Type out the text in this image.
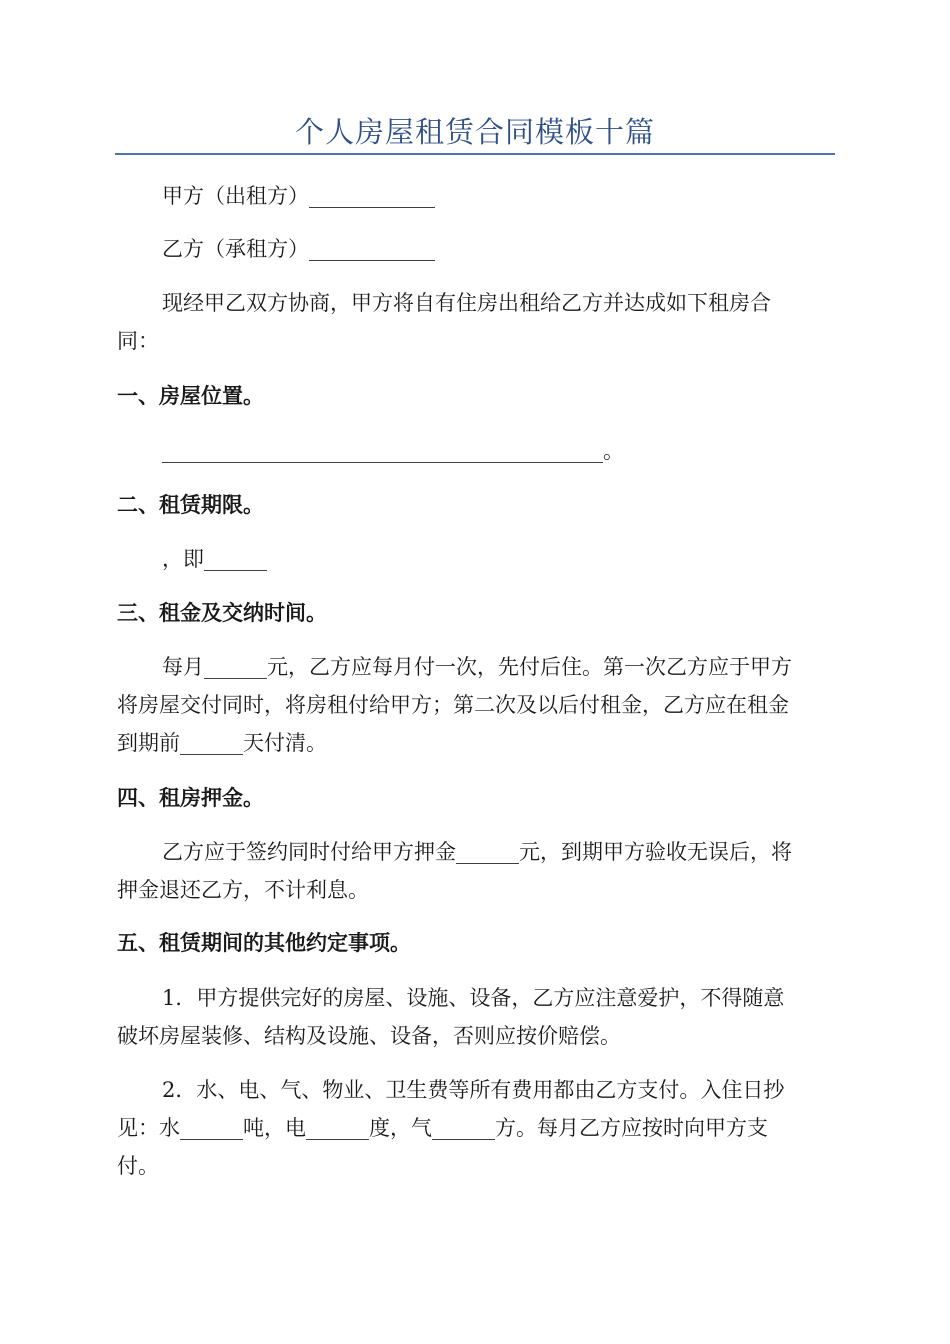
个人房屋租赁合同模板十篇
甲方（出租方）____________
乙方（承租方）____________
现经甲乙双方协商，甲方将自有住房出租给乙方并达成如下租房合
同：
一、房屋位置。
__________________________________________。
二、租赁期限。
，即______
三、租金及交纳时间。
每月______元，乙方应每月付一次，先付后住。第一次乙方应于甲方
将房屋交付同时，将房租付给甲方；第二次及以后付租金，乙方应在租金
到期前______天付清。
四、租房押金。
乙方应于签约同时付给甲方押金______元，到期甲方验收无误后，将
押金退还乙方，不计利息。
五、租赁期间的其他约定事项。
1．甲方提供完好的房屋、设施、设备，乙方应注意爱护，不得随意
破坏房屋装修、结构及设施、设备，否则应按价赔偿。
2．水、电、气、物业、卫生费等所有费用都由乙方支付。入住日抄
见：水______吨，电______度，气______方。每月乙方应按时向甲方支
付。
